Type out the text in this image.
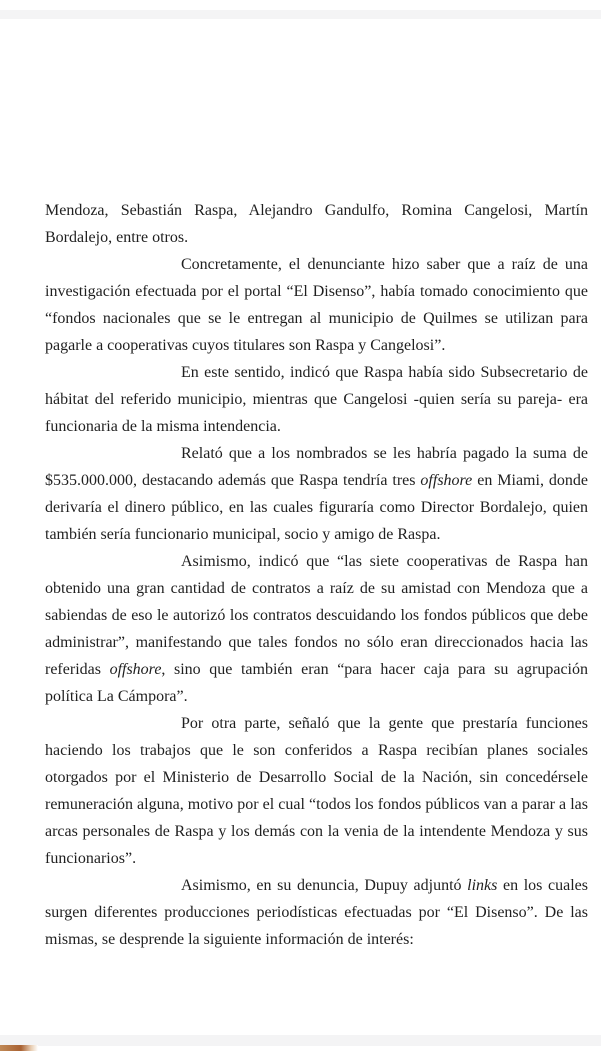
Mendoza, Sebastián Raspa, Alejandro Gandulfo, Romina Cangelosi, Martín Bordalejo, entre otros.

Concretamente, el denunciante hizo saber que a raíz de una investigación efectuada por el portal “El Disenso”, había tomado conocimiento que “fondos nacionales que se le entregan al municipio de Quilmes se utilizan para pagarle a cooperativas cuyos titulares son Raspa y Cangelosi”.

En este sentido, indicó que Raspa había sido Subsecretario de hábitat del referido municipio, mientras que Cangelosi -quien sería su pareja- era funcionaria de la misma intendencia.

Relató que a los nombrados se les habría pagado la suma de $535.000.000, destacando además que Raspa tendría tres offshore en Miami, donde derivaría el dinero público, en las cuales figuraría como Director Bordalejo, quien también sería funcionario municipal, socio y amigo de Raspa.

Asimismo, indicó que “las siete cooperativas de Raspa han obtenido una gran cantidad de contratos a raíz de su amistad con Mendoza que a sabiendas de eso le autorizó los contratos descuidando los fondos públicos que debe administrar”, manifestando que tales fondos no sólo eran direccionados hacia las referidas offshore, sino que también eran “para hacer caja para su agrupación política La Cámpora”.

Por otra parte, señaló que la gente que prestaría funciones haciendo los trabajos que le son conferidos a Raspa recibían planes sociales otorgados por el Ministerio de Desarrollo Social de la Nación, sin concedérsele remuneración alguna, motivo por el cual “todos los fondos públicos van a parar a las arcas personales de Raspa y los demás con la venia de la intendente Mendoza y sus funcionarios”.

Asimismo, en su denuncia, Dupuy adjuntó links en los cuales surgen diferentes producciones periodísticas efectuadas por “El Disenso”. De las mismas, se desprende la siguiente información de interés:
